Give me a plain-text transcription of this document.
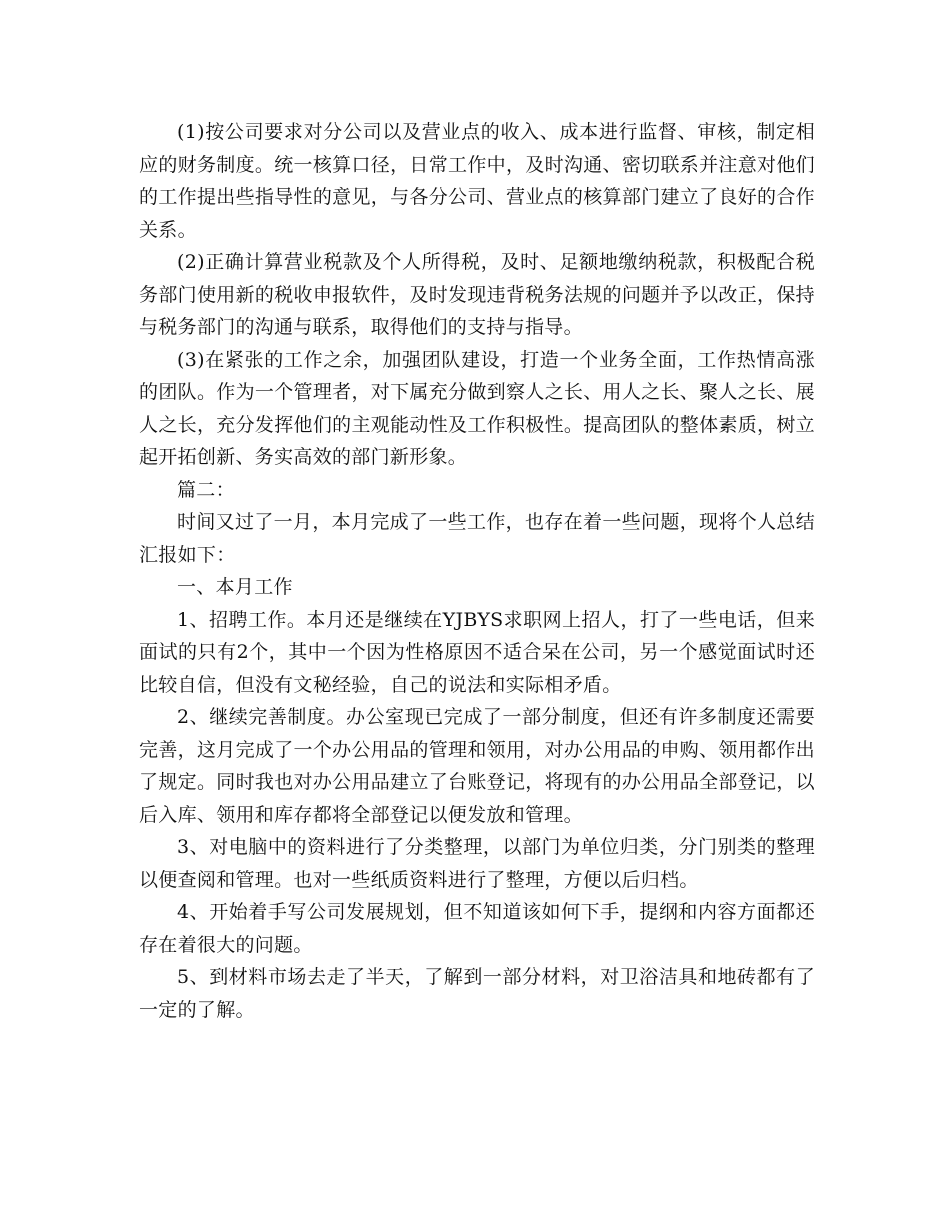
(1)按公司要求对分公司以及营业点的收入、成本进行监督、审核，制定相应的财务制度。统一核算口径，日常工作中，及时沟通、密切联系并注意对他们的工作提出些指导性的意见，与各分公司、营业点的核算部门建立了良好的合作关系。

(2)正确计算营业税款及个人所得税，及时、足额地缴纳税款，积极配合税务部门使用新的税收申报软件，及时发现违背税务法规的问题并予以改正，保持与税务部门的沟通与联系，取得他们的支持与指导。

(3)在紧张的工作之余，加强团队建设，打造一个业务全面，工作热情高涨的团队。作为一个管理者，对下属充分做到察人之长、用人之长、聚人之长、展人之长，充分发挥他们的主观能动性及工作积极性。提高团队的整体素质，树立起开拓创新、务实高效的部门新形象。

篇二：

时间又过了一月，本月完成了一些工作，也存在着一些问题，现将个人总结汇报如下：

一、本月工作

1、招聘工作。本月还是继续在YJBYS求职网上招人，打了一些电话，但来面试的只有2个，其中一个因为性格原因不适合呆在公司，另一个感觉面试时还比较自信，但没有文秘经验，自己的说法和实际相矛盾。

2、继续完善制度。办公室现已完成了一部分制度，但还有许多制度还需要完善，这月完成了一个办公用品的管理和领用，对办公用品的申购、领用都作出了规定。同时我也对办公用品建立了台账登记，将现有的办公用品全部登记，以后入库、领用和库存都将全部登记以便发放和管理。

3、对电脑中的资料进行了分类整理，以部门为单位归类，分门别类的整理以便查阅和管理。也对一些纸质资料进行了整理，方便以后归档。

4、开始着手写公司发展规划，但不知道该如何下手，提纲和内容方面都还存在着很大的问题。

5、到材料市场去走了半天，了解到一部分材料，对卫浴洁具和地砖都有了一定的了解。
